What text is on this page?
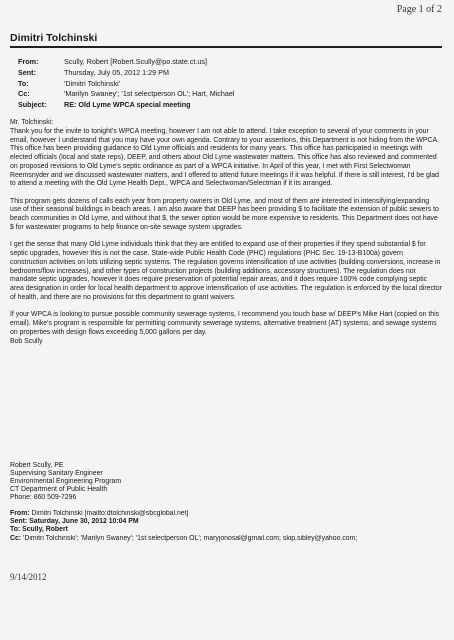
Page 1 of 2
Dimitri Tolchinski
From:	Scully, Robert [Robert.Scully@po.state.ct.us]
Sent:	Thursday, July 05, 2012 1:29 PM
To:	'Dimitri Tolchinski'
Cc:	'Marilyn Swaney'; '1st selectperson OL'; Hart, Michael
Subject:	RE: Old Lyme WPCA special meeting
Mr. Tolchinski:

Thank you for the invite to tonight's WPCA meeting, however I am not able to attend. I take exception to several of your comments in your email, however I understand that you may have your own agenda. Contrary to your assertions, this Department is not hiding from the WPCA. This office has been providing guidance to Old Lyme officials and residents for many years. This office has participated in meetings with elected officials (local and state reps), DEEP, and others about Old Lyme wastewater matters. This office has also reviewed and commented on proposed revisions to Old Lyme's septic ordinance as part of a WPCA initiative. In April of this year, I met with First Selectwoman Reemsnyder and we discussed wastewater matters, and I offered to attend future meetings if it was helpful. If there is still interest, I'd be glad to attend a meeting with the Old Lyme Health Dept., WPCA and Selectwoman/Selectman if it its arranged.

This program gets dozens of calls each year from property owners in Old Lyme, and most of them are interested in intensifying/expanding use of their seasonal buildings in beach areas. I am also aware that DEEP has been providing $ to facilitate the extension of public sewers to beach communities in Old Lyme, and without that $, the sewer option would be more expensive to residents. This Department does not have $ for wastewater programs to help finance on-site sewage system upgrades.

I get the sense that many Old Lyme individuals think that they are entitled to expand use of their properties if they spend substantial $ for septic upgrades, however this is not the case. State-wide Public Health Code (PHC) regulations (PHC Sec. 19-13-B100a) govern construction activities on lots utilizing septic systems. The regulation governs intensification of use activities (building conversions, increase in bedrooms/flow increases), and other types of construction projects (building additions, accessory structures). The regulation does not mandate septic upgrades, however it does require preservation of potential repair areas, and it does require 100% code complying septic area designation in order for local health department to approve intensification of use activities. The regulation is enforced by the local director of health, and there are no provisions for this department to grant waivers.

If your WPCA is looking to pursue possible community sewerage systems, I recommend you touch base w/ DEEP's Mike Hart (copied on this email). Mike's program is responsible for permitting community sewerage systems, alternative treatment (AT) systems, and sewage systems on properties with design flows exceeding 5,000 gallons per day.

Bob Scully
Robert Scully, PE
Supervising Sanitary Engineer
Environmental Engineering Program
CT Department of Public Health
Phone: 860 509-7296
From: Dimitri Tolchinski [mailto:dtolchinski@sbcglobal.net]
Sent: Saturday, June 30, 2012 10:04 PM
To: Scully, Robert
Cc: 'Dimitri Tolchinski'; 'Marilyn Swaney'; '1st selectperson OL'; maryjonosal@gmail.com; skip.sibley@yahoo.com;
9/14/2012
